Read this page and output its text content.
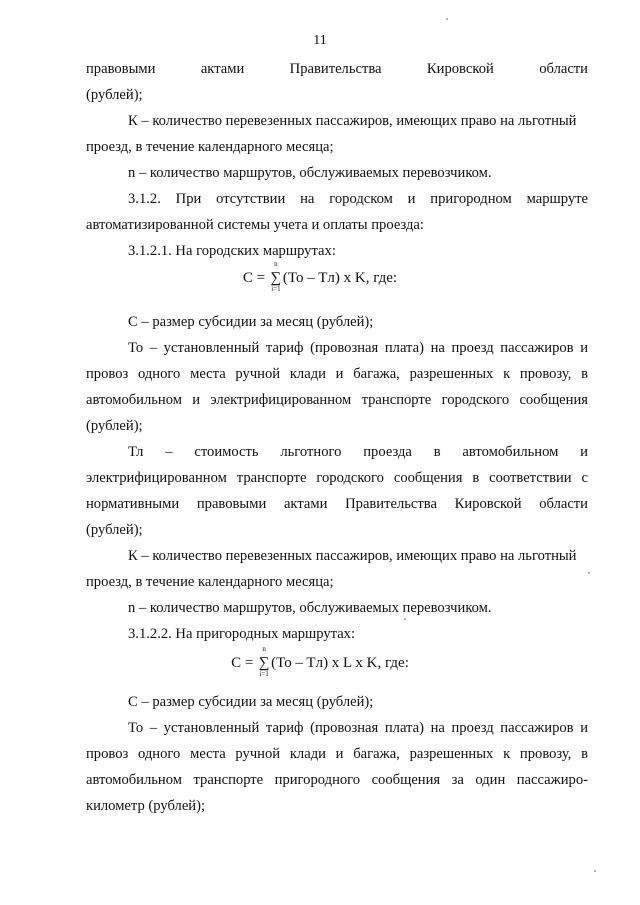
11
правовыми актами Правительства Кировской области
(рублей);
К – количество перевезенных пассажиров, имеющих право на льготный
проезд, в течение календарного месяца;
n – количество маршрутов, обслуживаемых перевозчиком.
3.1.2. При отсутствии на городском и пригородном маршруте
автоматизированной системы учета и оплаты проезда:
3.1.2.1. На городских маршрутах:
C =
n
∑
i=1
(To – Tл) x K, где:
С – размер субсидии за месяц (рублей);
То – установленный тариф (провозная плата) на проезд пассажиров и
провоз одного места ручной клади и багажа, разрешенных к провозу, в
автомобильном и электрифицированном транспорте городского сообщения
(рублей);
Тл – стоимость льготного проезда в автомобильном и
электрифицированном транспорте городского сообщения в соответствии с
нормативными правовыми актами Правительства Кировской области
(рублей);
К – количество перевезенных пассажиров, имеющих право на льготный
проезд, в течение календарного месяца;
n – количество маршрутов, обслуживаемых перевозчиком.
3.1.2.2. На пригородных маршрутах:
C =
n
∑
i=1
(To – Tл) x L x K, где:
С – размер субсидии за месяц (рублей);
То – установленный тариф (провозная плата) на проезд пассажиров и
провоз одного места ручной клади и багажа, разрешенных к провозу, в
автомобильном транспорте пригородного сообщения за один пассажиро-
километр (рублей);
